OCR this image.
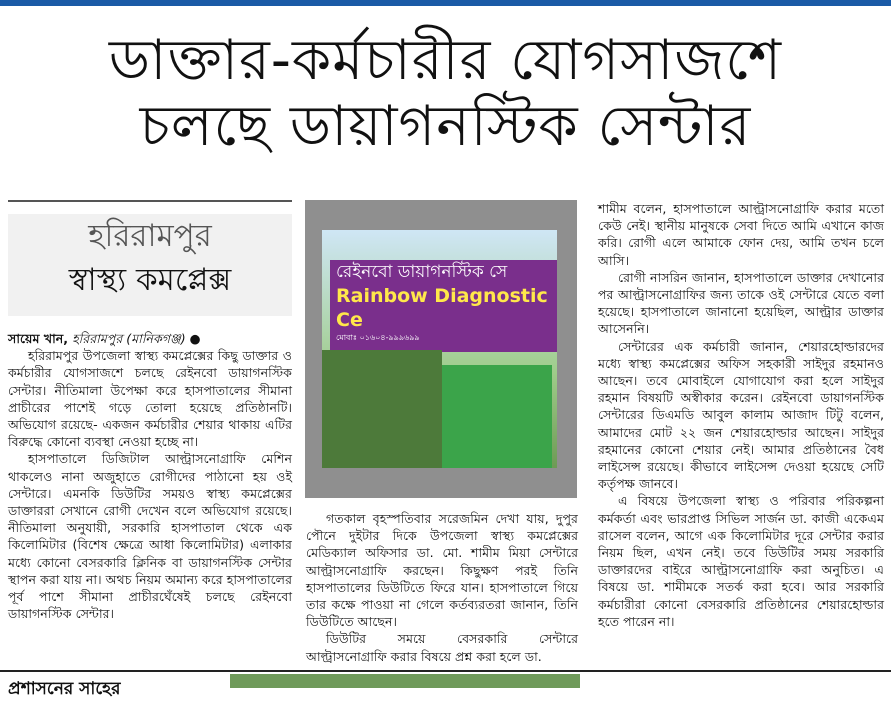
ডাক্তার-কর্মচারীর যোগসাজশে
চলছে ডায়াগনস্টিক সেন্টার
হরিরামপুর
স্বাস্থ্য কমপ্লেক্স

সায়েম খান, হরিরামপুর (মানিকগঞ্জ) ●

হরিরামপুর উপজেলা স্বাস্থ্য কমপ্লেক্সের কিছু ডাক্তার ও কর্মচারীর যোগসাজশে চলছে রেইনবো ডায়াগনস্টিক সেন্টার। নীতিমালা উপেক্ষা করে হাসপাতালের সীমানা প্রাচীরের পাশেই গড়ে তোলা হয়েছে প্রতিষ্ঠানটি। অভিযোগ রয়েছে- একজন কর্মচারীর শেয়ার থাকায় এটির বিরুদ্ধে কোনো ব্যবস্থা নেওয়া হচ্ছে না।

হাসপাতালে ডিজিটাল আল্ট্রাসনোগ্রাফি মেশিন থাকলেও নানা অজুহাতে রোগীদের পাঠানো হয় ওই সেন্টারে। এমনকি ডিউটির সময়ও স্বাস্থ্য কমপ্লেক্সের ডাক্তাররা সেখানে রোগী দেখেন বলে অভিযোগ রয়েছে। নীতিমালা অনুযায়ী, সরকারি হাসপাতাল থেকে এক কিলোমিটার (বিশেষ ক্ষেত্রে আধা কিলোমিটার) এলাকার মধ্যে কোনো বেসরকারি ক্লিনিক বা ডায়াগনস্টিক সেন্টার স্থাপন করা যায় না। অথচ নিয়ম অমান্য করে হাসপাতালের পূর্ব পাশে সীমানা প্রাচীরঘেঁষেই চলছে রেইনবো ডায়াগনস্টিক সেন্টার।

রেইনবো ডায়াগনস্টিক সে
Rainbow Diagnostic Ce
মোবাঃ ০১৬০৪-৯৯৯৬৯৯

গতকাল বৃহস্পতিবার সরেজমিন দেখা যায়, দুপুর পৌনে দুইটার দিকে উপজেলা স্বাস্থ্য কমপ্লেক্সের মেডিক্যাল অফিসার ডা. মো. শামীম মিয়া সেন্টারে আল্ট্রাসনোগ্রাফি করছেন। কিছুক্ষণ পরই তিনি হাসপাতালের ডিউটিতে ফিরে যান। হাসপাতালে গিয়ে তার কক্ষে পাওয়া না গেলে কর্তব্যরতরা জানান, তিনি ডিউটিতে আছেন।

ডিউটির সময়ে বেসরকারি সেন্টারে আল্ট্রাসনোগ্রাফি করার বিষয়ে প্রশ্ন করা হলে ডা.

শামীম বলেন, হাসপাতালে আল্ট্রাসনোগ্রাফি করার মতো কেউ নেই। স্থানীয় মানুষকে সেবা দিতে আমি এখানে কাজ করি। রোগী এলে আমাকে ফোন দেয়, আমি তখন চলে আসি।

রোগী নাসরিন জানান, হাসপাতালে ডাক্তার দেখানোর পর আল্ট্রাসনোগ্রাফির জন্য তাকে ওই সেন্টারে যেতে বলা হয়েছে। হাসপাতালে জানানো হয়েছিল, আল্ট্রার ডাক্তার আসেননি।

সেন্টারের এক কর্মচারী জানান, শেয়ারহোল্ডারদের মধ্যে স্বাস্থ্য কমপ্লেক্সের অফিস সহকারী সাইদুর রহমানও আছেন। তবে মোবাইলে যোগাযোগ করা হলে সাইদুর রহমান বিষয়টি অস্বীকার করেন। রেইনবো ডায়াগনস্টিক সেন্টারের ডিএমডি আবুল কালাম আজাদ টিটু বলেন, আমাদের মোট ২২ জন শেয়ারহোল্ডার আছেন। সাইদুর রহমানের কোনো শেয়ার নেই। আমার প্রতিষ্ঠানের বৈধ লাইসেন্স রয়েছে। কীভাবে লাইসেন্স দেওয়া হয়েছে সেটি কর্তৃপক্ষ জানবে।

এ বিষয়ে উপজেলা স্বাস্থ্য ও পরিবার পরিকল্পনা কর্মকর্তা এবং ভারপ্রাপ্ত সিভিল সার্জন ডা. কাজী একেএম রাসেল বলেন, আগে এক কিলোমিটার দূরে সেন্টার করার নিয়ম ছিল, এখন নেই। তবে ডিউটির সময় সরকারি ডাক্তারদের বাইরে আল্ট্রাসনোগ্রাফি করা অনুচিত। এ বিষয়ে ডা. শামীমকে সতর্ক করা হবে। আর সরকারি কর্মচারীরা কোনো বেসরকারি প্রতিষ্ঠানের শেয়ারহোল্ডার হতে পারেন না।

প্রশাসনের সাহের
